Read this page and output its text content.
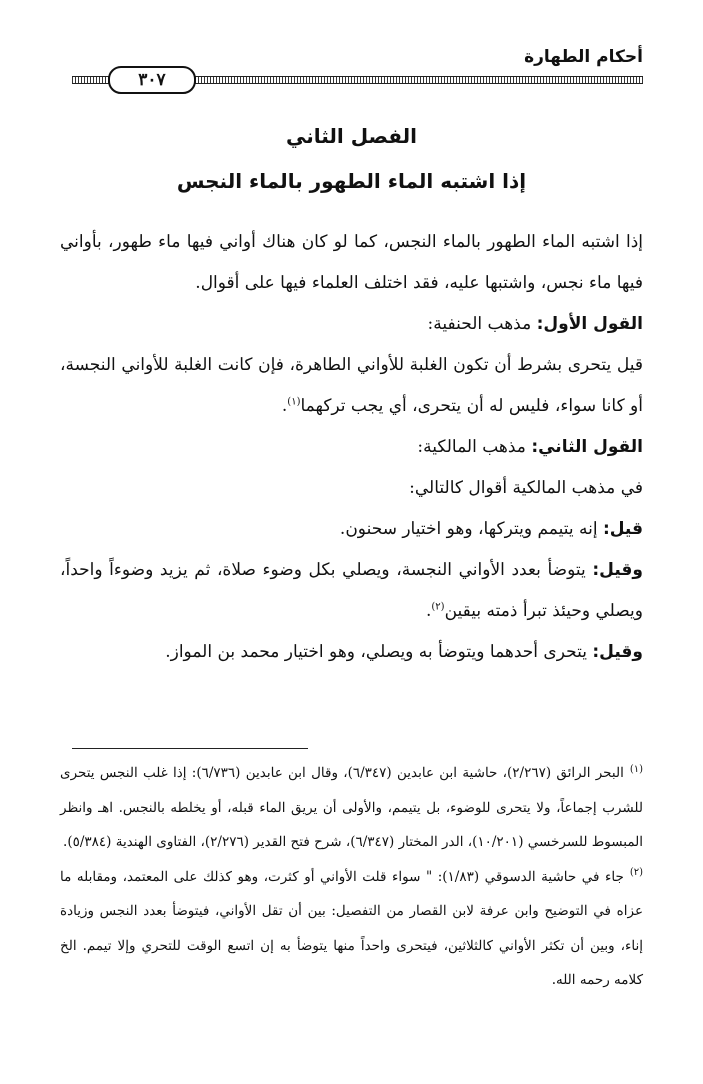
أحكام الطهارة
٣٠٧
الفصل الثاني
إذا اشتبه الماء الطهور بالماء النجس

إذا اشتبه الماء الطهور بالماء النجس، كما لو كان هناك أواني فيها ماء طهور، بأواني فيها ماء نجس، واشتبها عليه، فقد اختلف العلماء فيها على أقوال.

القول الأول: مذهب الحنفية:

قيل يتحرى بشرط أن تكون الغلبة للأواني الطاهرة، فإن كانت الغلبة للأواني النجسة، أو كانا سواء، فليس له أن يتحرى، أي يجب تركهما$^{(١)}$.

القول الثاني: مذهب المالكية:

في مذهب المالكية أقوال كالتالي:

قيل: إنه يتيمم ويتركها، وهو اختيار سحنون.

وقيل: يتوضأ بعدد الأواني النجسة، ويصلي بكل وضوء صلاة، ثم يزيد وضوءاً واحداً، ويصلي وحيئذ تبرأ ذمته بيقين$^{(٢)}$.

وقيل: يتحرى أحدهما ويتوضأ به ويصلي، وهو اختيار محمد بن المواز.

$^{(١)}$البحر الرائق (٢/٢٦٧)، حاشية ابن عابدين (٦/٣٤٧)، وقال ابن عابدين (٦/٧٣٦): إذا غلب النجس يتحرى للشرب إجماعاً، ولا يتحرى للوضوء، بل يتيمم، والأولى أن يريق الماء قبله، أو يخلطه بالنجس. اهـ وانظر المبسوط للسرخسي (١٠/٢٠١)، الدر المختار (٦/٣٤٧)، شرح فتح القدير (٢/٢٧٦)، الفتاوى الهندية (٥/٣٨٤).

$^{(٢)}$جاء في حاشية الدسوقي (١/٨٣): " سواء قلت الأواني أو كثرت، وهو كذلك على المعتمد، ومقابله ما عزاه في التوضيح وابن عرفة لابن القصار من التفصيل: بين أن تقل الأواني، فيتوضأ بعدد النجس وزيادة إناء، وبين أن تكثر الأواني كالثلاثين، فيتحرى واحداً منها يتوضأ به إن اتسع الوقت للتحري وإلا تيمم. الخ كلامه رحمه الله.
